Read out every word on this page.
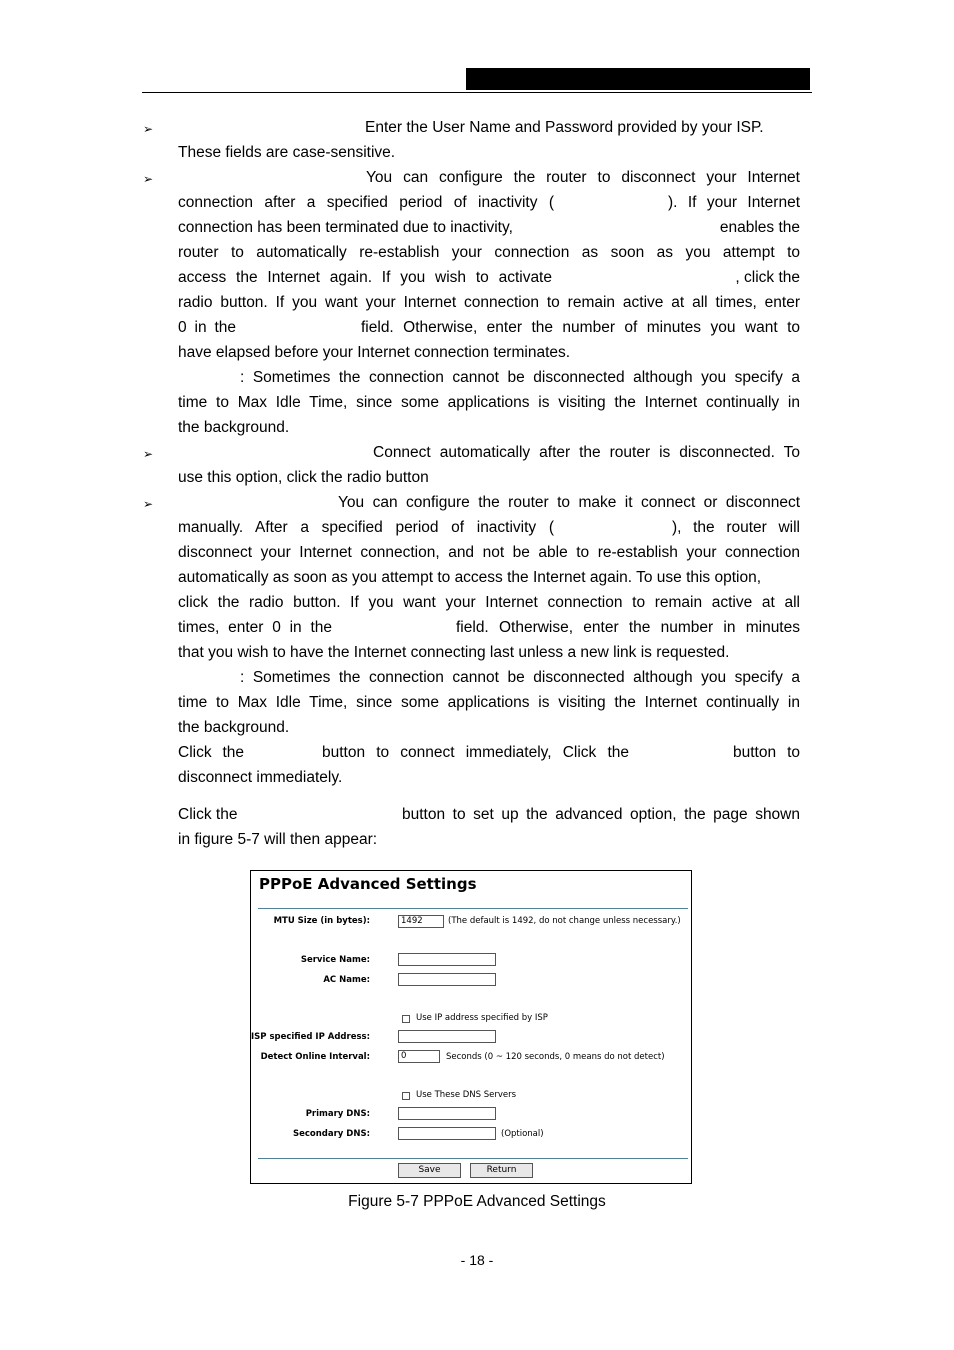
➢	Enter the User Name and Password provided by your ISP.
These fields are case-sensitive.
➢	You can configure the router to disconnect your Internet
connection after a specified period of inactivity (	). If your Internet
connection has been terminated due to inactivity,	enables the
router to automatically re-establish your connection as soon as you attempt to
access the Internet again. If you wish to activate	, click the
radio button. If you want your Internet connection to remain active at all times, enter
0 in the	field. Otherwise, enter the number of minutes you want to
have elapsed before your Internet connection terminates.
: Sometimes the connection cannot be disconnected although you specify a
time to Max Idle Time, since some applications is visiting the Internet continually in
the background.
➢	Connect automatically after the router is disconnected. To
use this option, click the radio button
➢	You can configure the router to make it connect or disconnect
manually. After a specified period of inactivity (	), the router will
disconnect your Internet connection, and not be able to re-establish your connection
automatically as soon as you attempt to access the Internet again. To use this option,
click the radio button. If you want your Internet connection to remain active at all
times, enter 0 in the	field. Otherwise, enter the number in minutes
that you wish to have the Internet connecting last unless a new link is requested.
: Sometimes the connection cannot be disconnected although you specify a
time to Max Idle Time, since some applications is visiting the Internet continually in
the background.
Click the	button to connect immediately, Click the	button to
disconnect immediately.
Click the	button to set up the advanced option, the page shown
in figure 5-7 will then appear:
PPPoE Advanced Settings
MTU Size (in bytes):	1492	(The default is 1492, do not change unless necessary.)
Service Name:
AC Name:
Use IP address specified by ISP
ISP specified IP Address:
Detect Online Interval:	0	Seconds (0 ~ 120 seconds, 0 means do not detect)
Use These DNS Servers
Primary DNS:
Secondary DNS:	(Optional)
Save	Return
Figure 5-7 PPPoE Advanced Settings
- 18 -
